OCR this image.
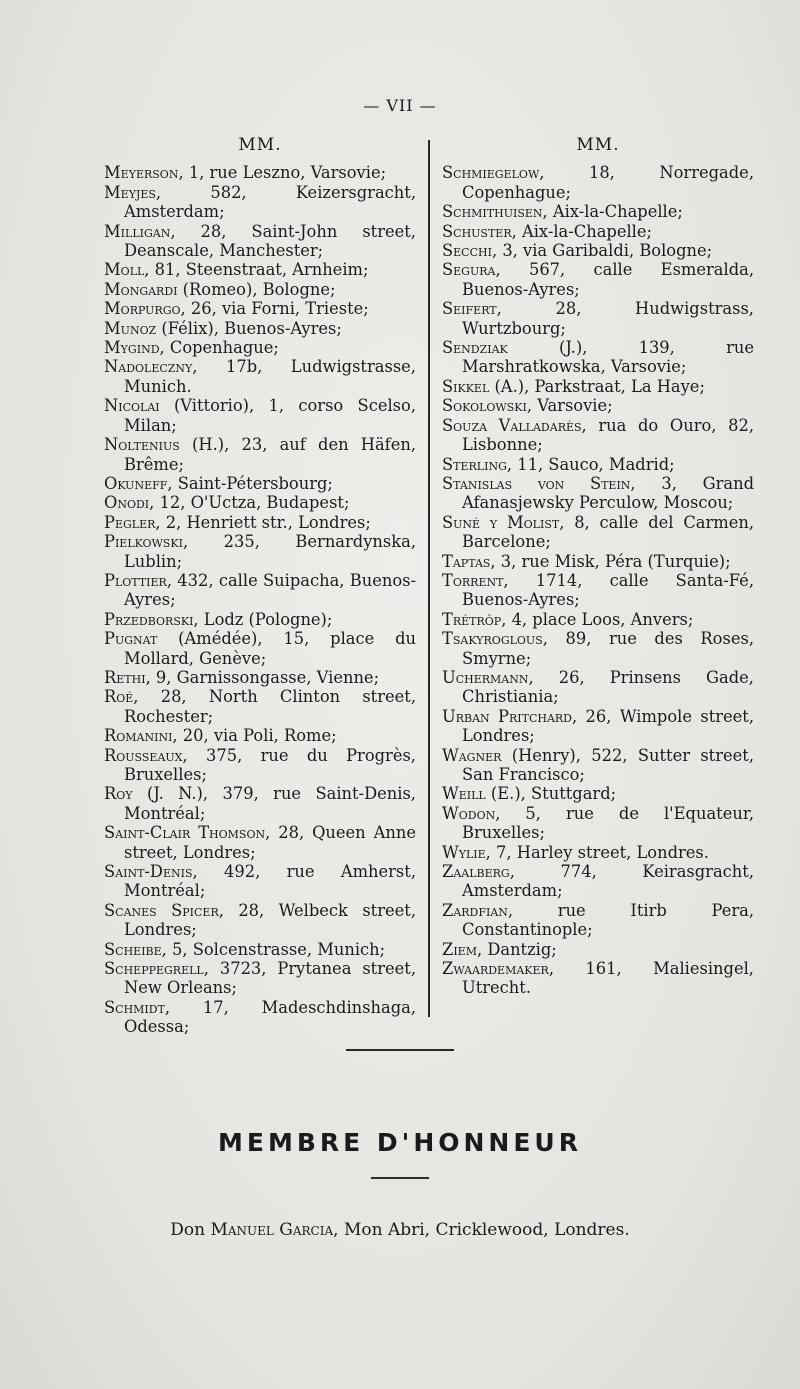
— VII —
MM.

Meyerson, 1, rue Leszno, Varsovie;

Meyjes, 582, Keizersgracht, Amsterdam;

Milligan, 28, Saint-John street, Deanscale, Manchester;

Moll, 81, Steenstraat, Arnheim;

Mongardi (Romeo), Bologne;

Morpurgo, 26, via Forni, Trieste;

Munoz (Félix), Buenos-Ayres;

Mygind, Copenhague;

Nadoleczny, 17b, Ludwigstrasse, Munich.

Nicolai (Vittorio), 1, corso Scelso, Milan;

Noltenius (H.), 23, auf den Häfen, Brême;

Okuneff, Saint-Pétersbourg;

Onodi, 12, O'Uctza, Budapest;

Pegler, 2, Henriett str., Londres;

Pielkowski, 235, Bernardynska, Lublin;

Plottier, 432, calle Suipacha, Buenos-Ayres;

Przedborski, Lodz (Pologne);

Pugnat (Amédée), 15, place du Mollard, Genève;

Rethi, 9, Garnissongasse, Vienne;

Roé, 28, North Clinton street, Rochester;

Romanini, 20, via Poli, Rome;

Rousseaux, 375, rue du Progrès, Bruxelles;

Roy (J. N.), 379, rue Saint-Denis, Montréal;

Saint-Clair Thomson, 28, Queen Anne street, Londres;

Saint-Denis, 492, rue Amherst, Montréal;

Scanes Spicer, 28, Welbeck street, Londres;

Scheibe, 5, Solcenstrasse, Munich;

Scheppegrell, 3723, Prytanea street, New Orleans;

Schmidt, 17, Madeschdinshaga, Odessa;

MM.

Schmiegelow, 18, Norregade, Copenhague;

Schmithuisen, Aix-la-Chapelle;

Schuster, Aix-la-Chapelle;

Secchi, 3, via Garibaldi, Bologne;

Segura, 567, calle Esmeralda, Buenos-Ayres;

Seifert, 28, Hudwigstrass, Wurtzbourg;

Sendziak (J.), 139, rue Marshratkowska, Varsovie;

Sikkel (A.), Parkstraat, La Haye;

Sokolowski, Varsovie;

Souza Valladarès, rua do Ouro, 82, Lisbonne;

Sterling, 11, Sauco, Madrid;

Stanislas von Stein, 3, Grand Afanasjewsky Perculow, Moscou;

Suné y Molist, 8, calle del Carmen, Barcelone;

Taptas, 3, rue Misk, Péra (Turquie);

Torrent, 1714, calle Santa-Fé, Buenos-Ayres;

Trétrôp, 4, place Loos, Anvers;

Tsakyroglous, 89, rue des Roses, Smyrne;

Uchermann, 26, Prinsens Gade, Christiania;

Urban Pritchard, 26, Wimpole street, Londres;

Wagner (Henry), 522, Sutter street, San Francisco;

Weill (E.), Stuttgard;

Wodon, 5, rue de l'Equateur, Bruxelles;

Wylie, 7, Harley street, Londres.

Zaalberg, 774, Keirasgracht, Amsterdam;

Zardfian, rue Itirb Pera, Constantinople;

Ziem, Dantzig;

Zwaardemaker, 161, Maliesingel, Utrecht.

MEMBRE D'HONNEUR
Don Manuel Garcia, Mon Abri, Cricklewood, Londres.
